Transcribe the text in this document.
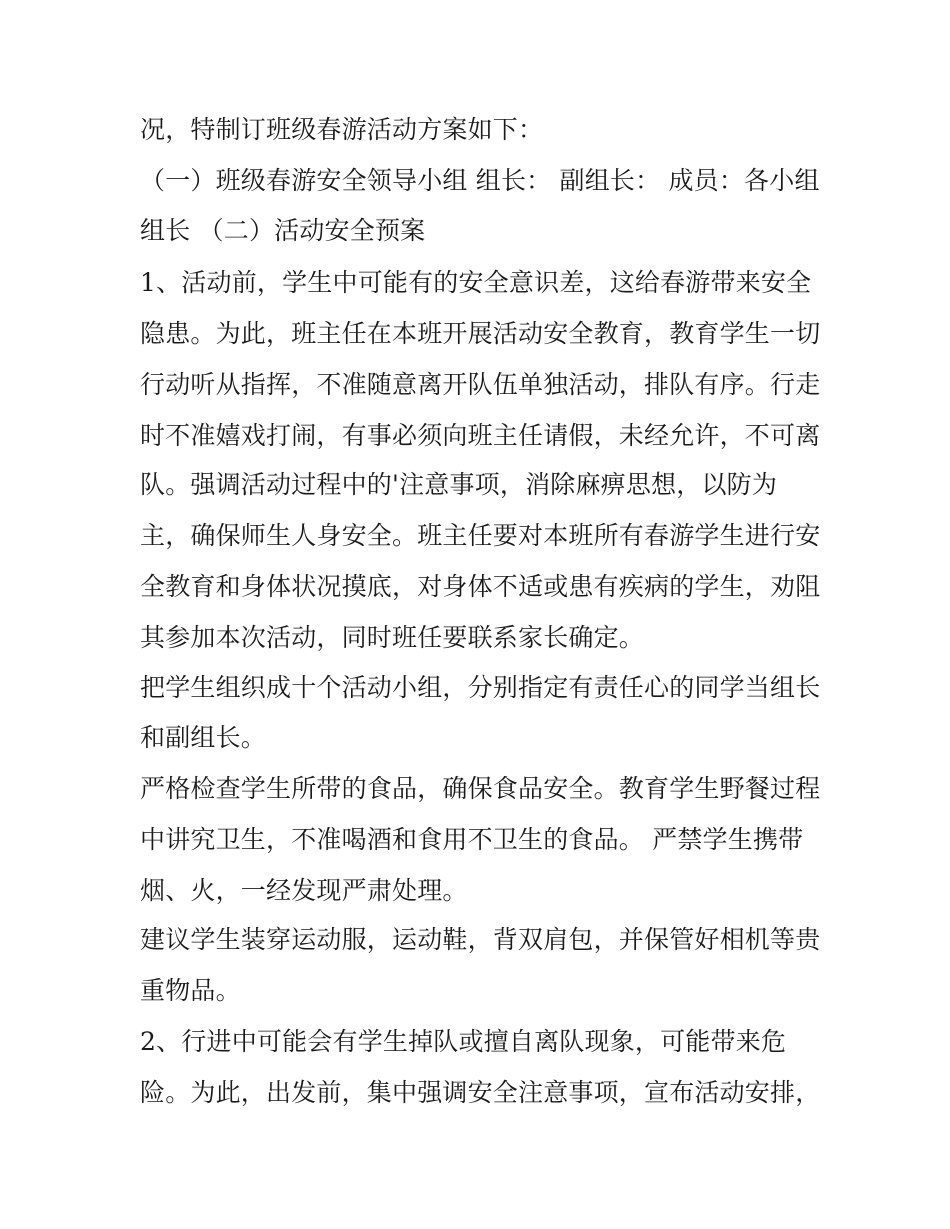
况，特制订班级春游活动方案如下：
（一）班级春游安全领导小组 组长： 副组长： 成员：各小组
组长 （二）活动安全预案
1、活动前，学生中可能有的安全意识差，这给春游带来安全
隐患。为此，班主任在本班开展活动安全教育，教育学生一切
行动听从指挥，不准随意离开队伍单独活动，排队有序。行走
时不准嬉戏打闹，有事必须向班主任请假，未经允许，不可离
队。强调活动过程中的'注意事项，消除麻痹思想，以防为
主，确保师生人身安全。班主任要对本班所有春游学生进行安
全教育和身体状况摸底，对身体不适或患有疾病的学生，劝阻
其参加本次活动，同时班任要联系家长确定。
把学生组织成十个活动小组，分别指定有责任心的同学当组长
和副组长。
严格检查学生所带的食品，确保食品安全。教育学生野餐过程
中讲究卫生，不准喝酒和食用不卫生的食品。 严禁学生携带
烟、火，一经发现严肃处理。
建议学生装穿运动服，运动鞋，背双肩包，并保管好相机等贵
重物品。
2、行进中可能会有学生掉队或擅自离队现象，可能带来危
险。为此，出发前，集中强调安全注意事项，宣布活动安排，
